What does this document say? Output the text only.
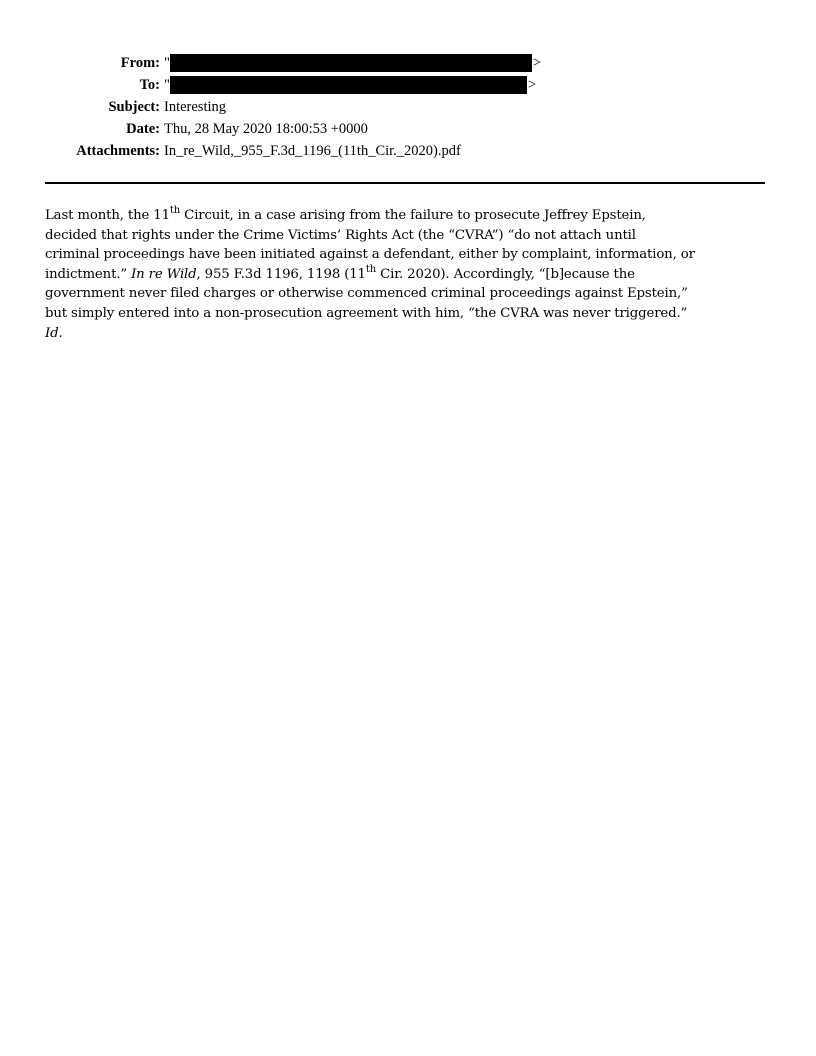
From: "	>
To: "	>
Subject: Interesting
Date: Thu, 28 May 2020 18:00:53 +0000
Attachments: In_re_Wild,_955_F.3d_1196_(11th_Cir._2020).pdf
Last month, the 11th Circuit, in a case arising from the failure to prosecute Jeffrey Epstein,
decided that rights under the Crime Victims’ Rights Act (the “CVRA”) “do not attach until
criminal proceedings have been initiated against a defendant, either by complaint, information, or
indictment.” In re Wild, 955 F.3d 1196, 1198 (11th Cir. 2020). Accordingly, “[b]ecause the
government never filed charges or otherwise commenced criminal proceedings against Epstein,”
but simply entered into a non-prosecution agreement with him, “the CVRA was never triggered.”
Id.
